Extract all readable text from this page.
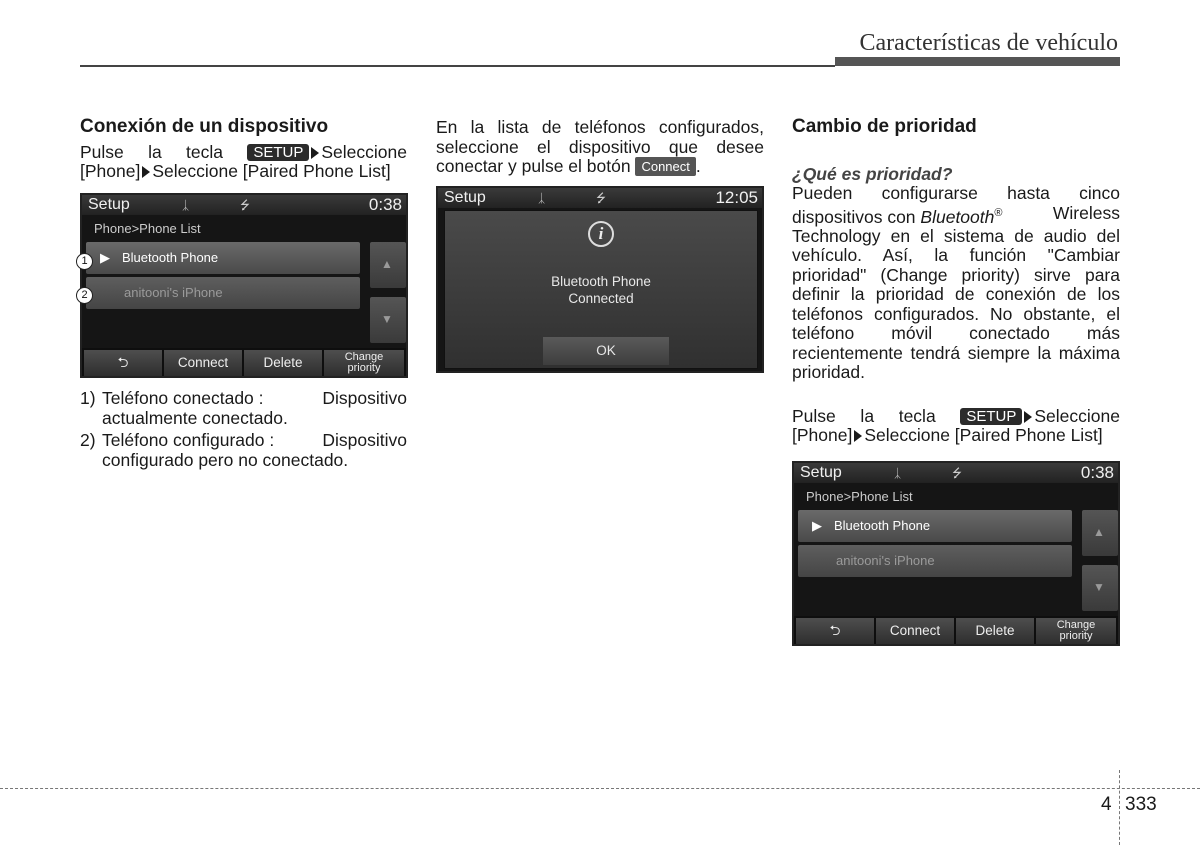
Características de vehículo
Conexión de un dispositivo
Pulse la tecla SETUP Seleccione
[Phone] Seleccione [Paired Phone List]
Setup	ᛣ	⭍	0:38
Phone>Phone List
▶ Bluetooth Phone
anitooni's iPhone
▲
▼
⮌	Connect	Delete	Change
priority
1
2
1) Teléfono conectado :	Dispositivo
actualmente conectado.
2) Teléfono configurado :	Dispositivo
configurado pero no conectado.
En la lista de teléfonos configurados,
seleccione el dispositivo que desee
conectar y pulse el botón Connect .
Setup	ᛣ	⭍	12:05
i
Bluetooth Phone
Connected
OK
Cambio de prioridad
¿Qué es prioridad?
Pueden configurarse hasta cinco
dispositivos con Bluetooth®	Wireless
Technology en el sistema de audio del
vehículo. Así, la función "Cambiar
prioridad" (Change priority) sirve para
definir la prioridad de conexión de los
teléfonos configurados. No obstante, el
teléfono móvil conectado más
recientemente tendrá siempre la máxima
prioridad.
Pulse la tecla SETUP Seleccione
[Phone] Seleccione [Paired Phone List]
Setup	ᛣ	⭍	0:38
Phone>Phone List
▶ Bluetooth Phone
anitooni's iPhone
▲
▼
⮌	Connect	Delete	Change
priority
4 333
